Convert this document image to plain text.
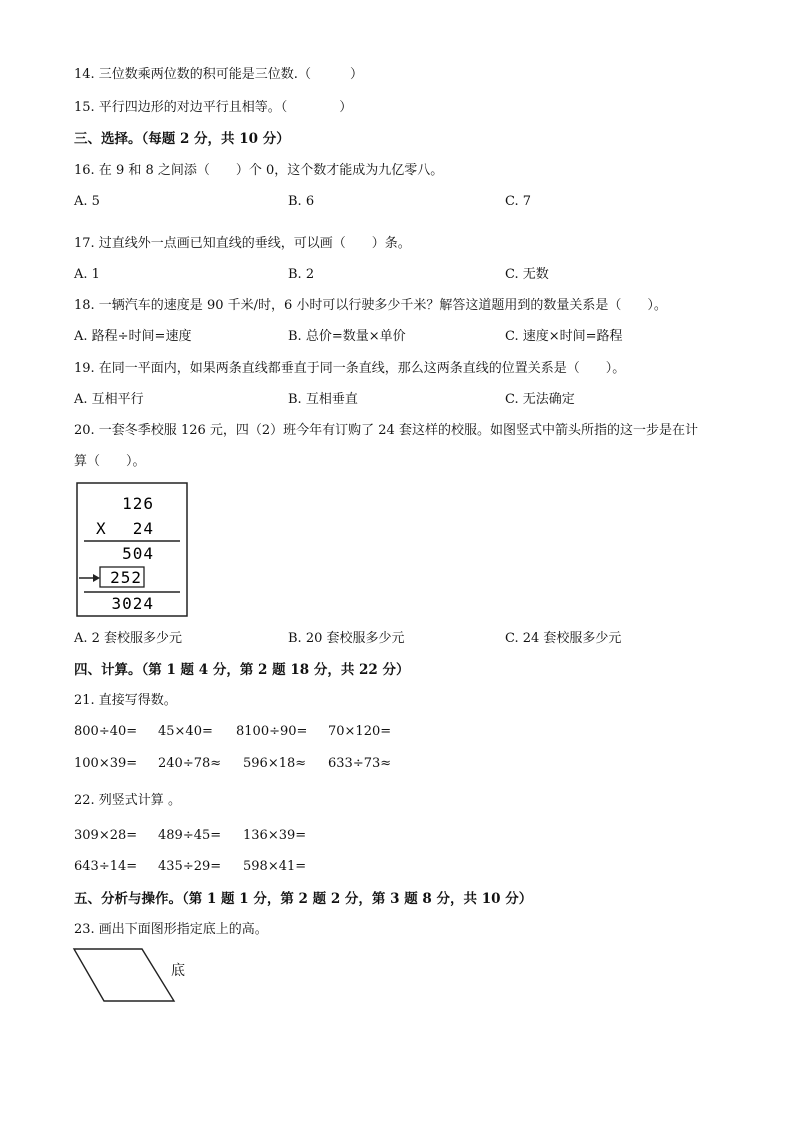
14. 三位数乘两位数的积可能是三位数.（　　　）
15. 平行四边形的对边平行且相等。（　　　　）
三、选择。（每题 2 分，共 10 分）
16. 在 9 和 8 之间添（　　）个 0，这个数才能成为九亿零八。
A. 5	B. 6	C. 7
17. 过直线外一点画已知直线的垂线，可以画（　　）条。
A. 1	B. 2	C. 无数
18. 一辆汽车的速度是 90 千米/时，6 小时可以行驶多少千米？解答这道题用到的数量关系是（　　）。
A. 路程÷时间=速度	B. 总价=数量×单价	C. 速度×时间=路程
19. 在同一平面内，如果两条直线都垂直于同一条直线，那么这两条直线的位置关系是（　　）。
A. 互相平行	B. 互相垂直	C. 无法确定
20. 一套冬季校服 126 元，四（2）班今年有订购了 24 套这样的校服。如图竖式中箭头所指的这一步是在计
算（　　）。
126
X 24
504
252
3024
A. 2 套校服多少元	B. 20 套校服多少元	C. 24 套校服多少元
四、计算。（第 1 题 4 分，第 2 题 18 分，共 22 分）
21. 直接写得数。
800÷40= 45×40= 8100÷90= 70×120=
100×39= 240÷78≈ 596×18≈ 633÷73≈
22. 列竖式计算 。
309×28= 489÷45= 136×39=
643÷14= 435÷29= 598×41=
五、分析与操作。（第 1 题 1 分，第 2 题 2 分，第 3 题 8 分，共 10 分）
23. 画出下面图形指定底上的高。
底
